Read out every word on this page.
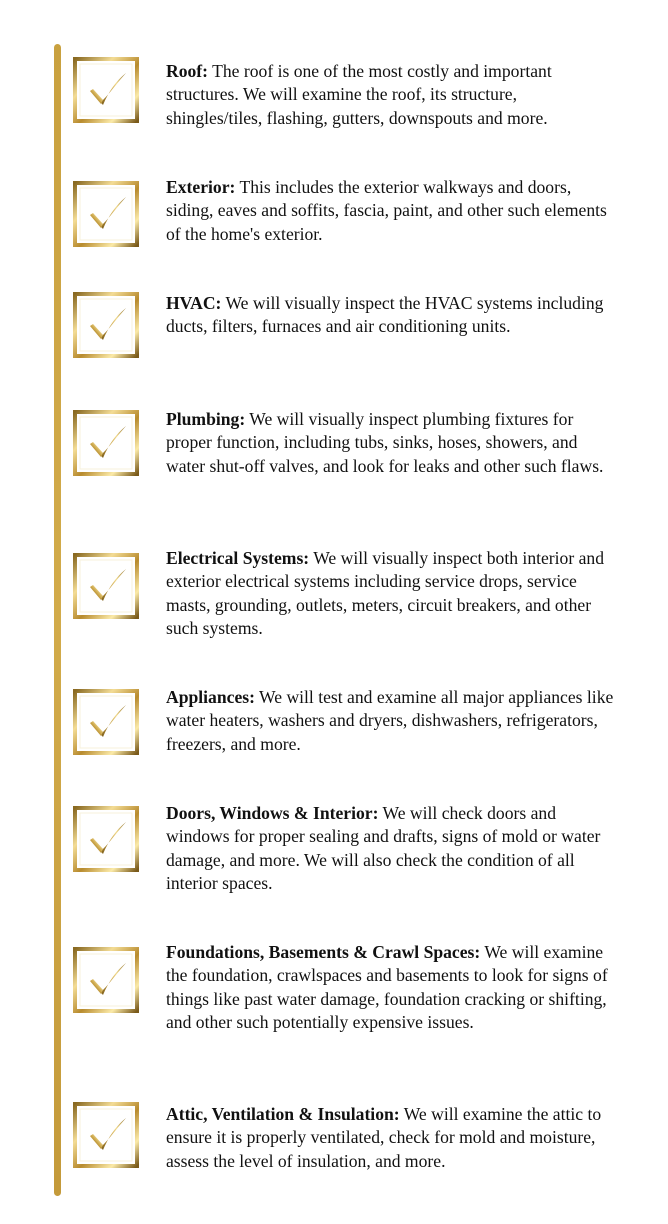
Roof: The roof is one of the most costly and important structures. We will examine the roof, its structure, shingles/tiles, flashing, gutters, downspouts and more.
Exterior: This includes the exterior walkways and doors, siding, eaves and soffits, fascia, paint, and other such elements of the home's exterior.
HVAC: We will visually inspect the HVAC systems including ducts, filters, furnaces and air conditioning units.
Plumbing: We will visually inspect plumbing fixtures for proper function, including tubs, sinks, hoses, showers, and water shut-off valves, and look for leaks and other such flaws.
Electrical Systems: We will visually inspect both interior and exterior electrical systems including service drops, service masts, grounding, outlets, meters, circuit breakers, and other such systems.
Appliances: We will test and examine all major appliances like water heaters, washers and dryers, dishwashers, refrigerators, freezers, and more.
Doors, Windows & Interior: We will check doors and windows for proper sealing and drafts, signs of mold or water damage, and more. We will also check the condition of all interior spaces.
Foundations, Basements & Crawl Spaces: We will examine the foundation, crawlspaces and basements to look for signs of things like past water damage, foundation cracking or shifting, and other such potentially expensive issues.
Attic, Ventilation & Insulation: We will examine the attic to ensure it is properly ventilated, check for mold and moisture, assess the level of insulation, and more.
